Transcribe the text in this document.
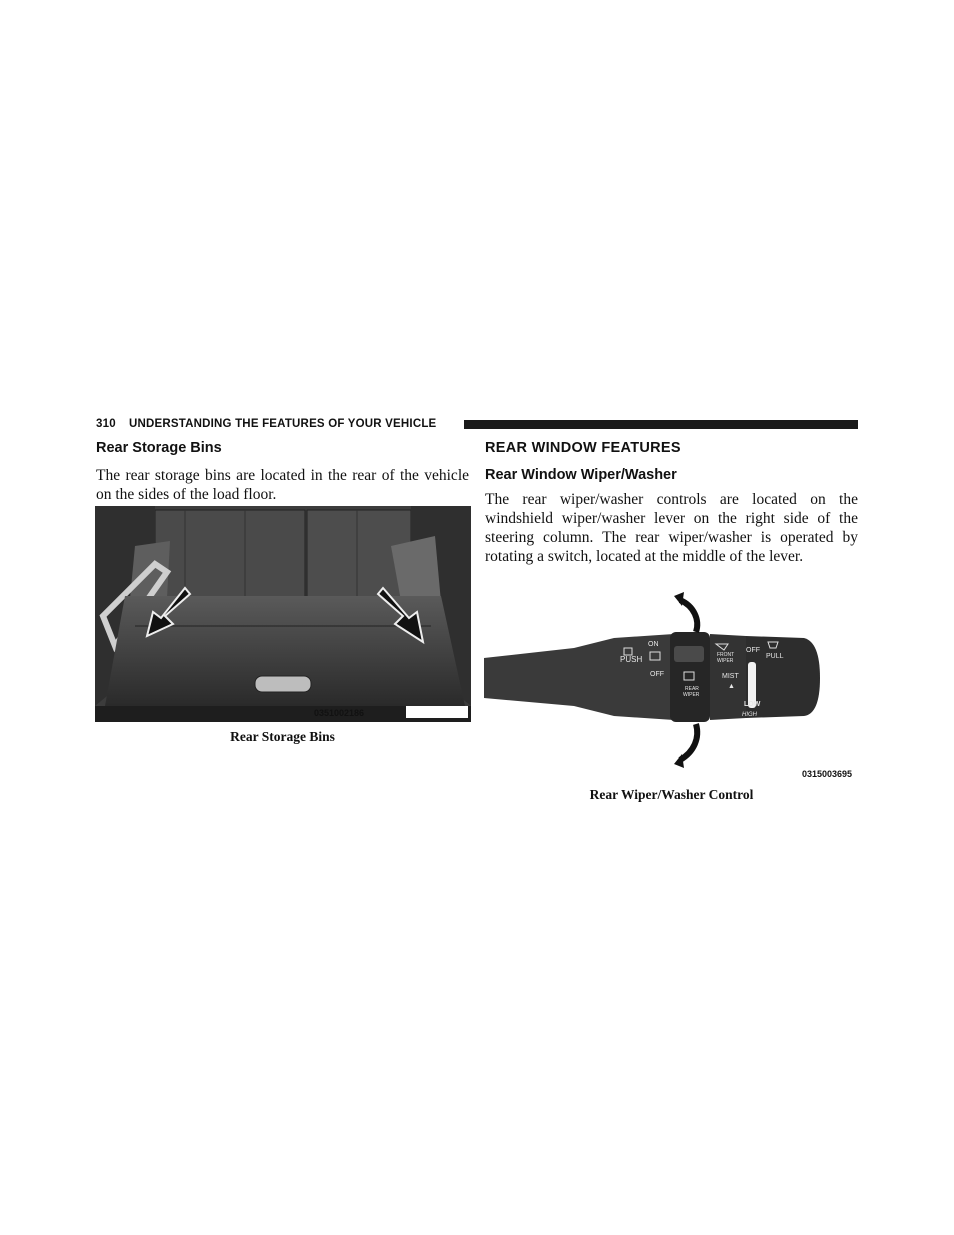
310 UNDERSTANDING THE FEATURES OF YOUR VEHICLE
Rear Storage Bins

The rear storage bins are located in the rear of the vehicle on the sides of the load floor.

0351002186
Rear Storage Bins
REAR WINDOW FEATURES
Rear Window Wiper/Washer

The rear wiper/washer controls are located on the windshield wiper/washer lever on the right side of the steering column. The rear wiper/washer is operated by rotating a switch, located at the middle of the lever.

ON
PUSH
OFF
REAR
WIPER
FRONT
WIPER
MIST
▲
OFF
PULL
LOW
HIGH
0315003695
Rear Wiper/Washer Control
